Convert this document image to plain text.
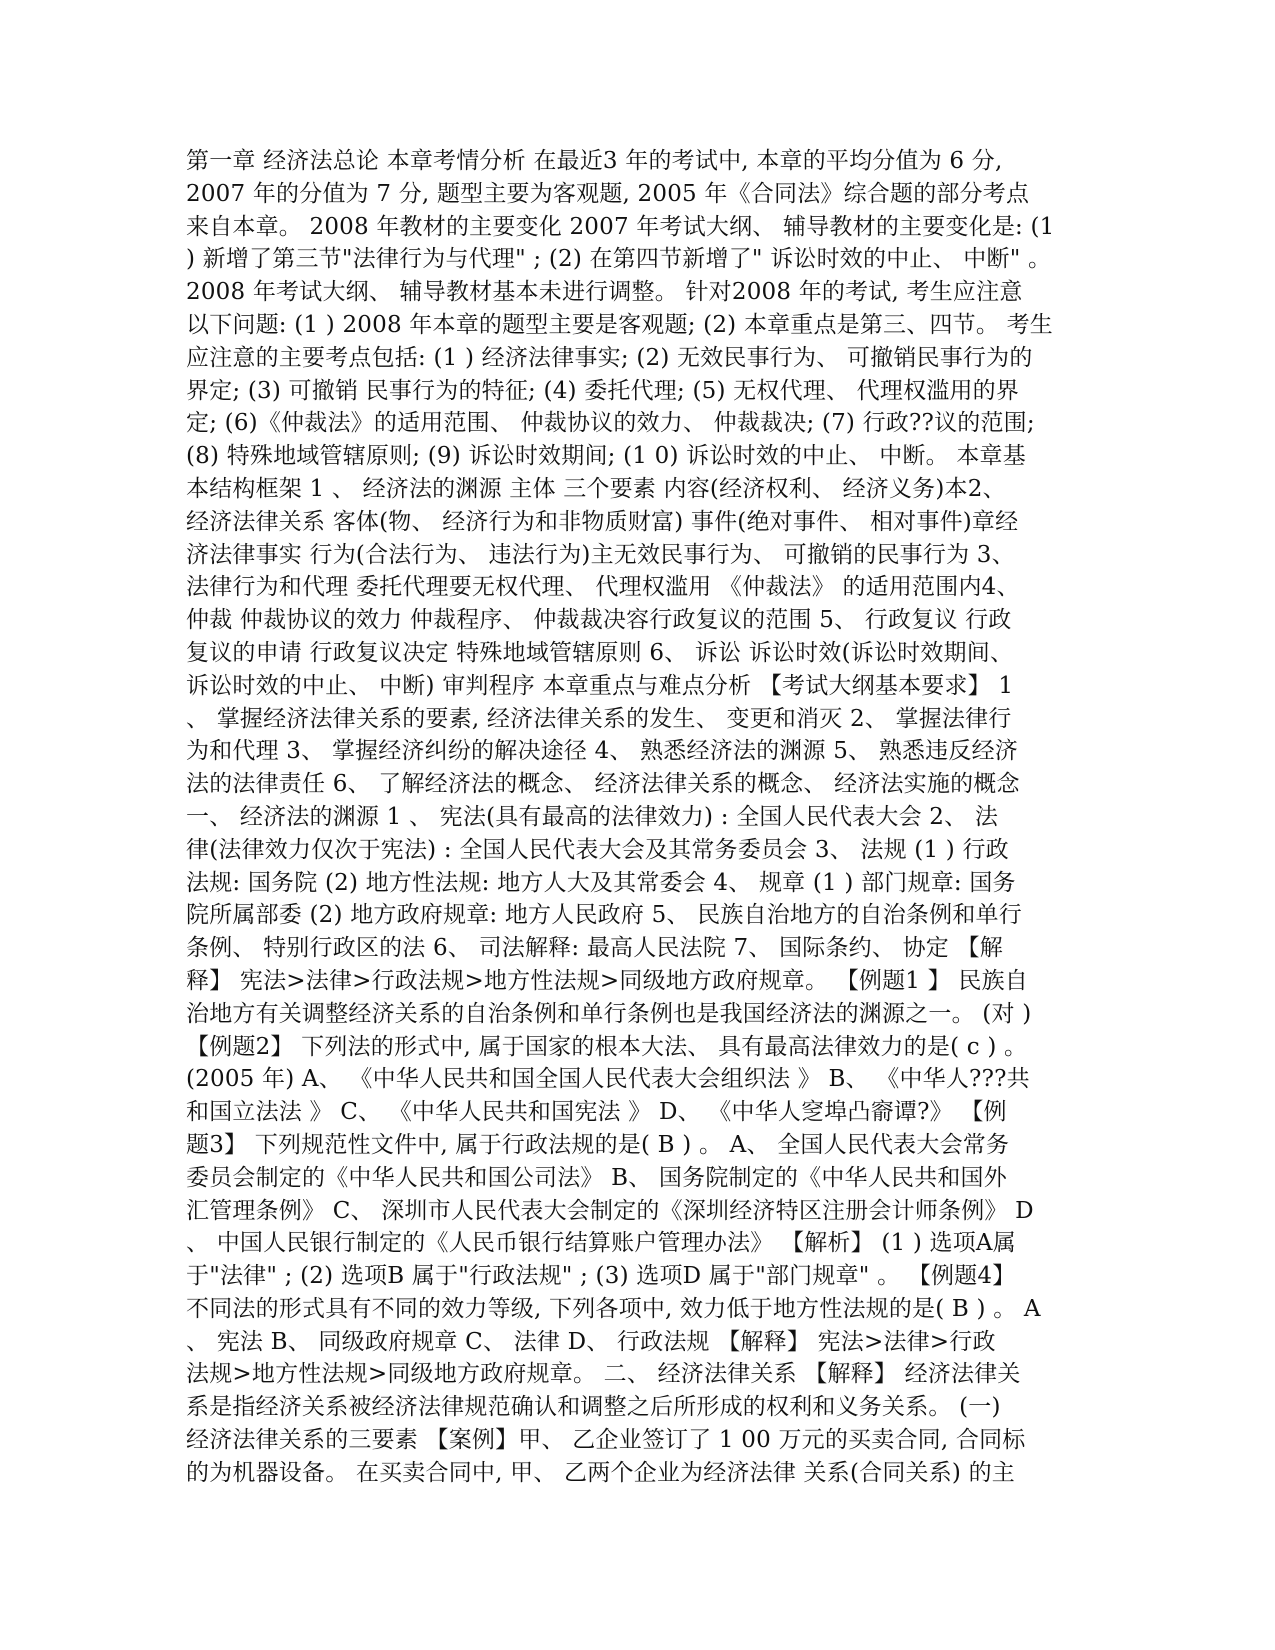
第一章 经济法总论 本章考情分析 在最近3 年的考试中, 本章的平均分值为 6 分,
2007 年的分值为 7 分, 题型主要为客观题, 2005 年《合同法》综合题的部分考点
来自本章。 2008 年教材的主要变化 2007 年考试大纲、 辅导教材的主要变化是: (1
) 新增了第三节"法律行为与代理" ; (2) 在第四节新增了" 诉讼时效的中止、 中断" 。
2008 年考试大纲、 辅导教材基本未进行调整。 针对2008 年的考试, 考生应注意
以下问题: (1 ) 2008 年本章的题型主要是客观题; (2) 本章重点是第三、四节。 考生
应注意的主要考点包括: (1 ) 经济法律事实; (2) 无效民事行为、 可撤销民事行为的
界定; (3) 可撤销 民事行为的特征; (4) 委托代理; (5) 无权代理、 代理权滥用的界
定; (6)《仲裁法》的适用范围、 仲裁协议的效力、 仲裁裁决; (7) 行政??议的范围;
(8) 特殊地域管辖原则; (9) 诉讼时效期间; (1 0) 诉讼时效的中止、 中断。 本章基
本结构框架 1 、 经济法的渊源 主体 三个要素 内容(经济权利、 经济义务)本2、
经济法律关系 客体(物、 经济行为和非物质财富) 事件(绝对事件、 相对事件)章经
济法律事实 行为(合法行为、 违法行为)主无效民事行为、 可撤销的民事行为 3、
法律行为和代理 委托代理要无权代理、 代理权滥用 《仲裁法》 的适用范围内4、
仲裁 仲裁协议的效力 仲裁程序、 仲裁裁决容行政复议的范围 5、 行政复议 行政
复议的申请 行政复议决定 特殊地域管辖原则 6、 诉讼 诉讼时效(诉讼时效期间、
诉讼时效的中止、 中断) 审判程序 本章重点与难点分析 【考试大纲基本要求】 1
、 掌握经济法律关系的要素, 经济法律关系的发生、 变更和消灭 2、 掌握法律行
为和代理 3、 掌握经济纠纷的解决途径 4、 熟悉经济法的渊源 5、 熟悉违反经济
法的法律责任 6、 了解经济法的概念、 经济法律关系的概念、 经济法实施的概念
一、 经济法的渊源 1 、 宪法(具有最高的法律效力) : 全国人民代表大会 2、 法
律(法律效力仅次于宪法) : 全国人民代表大会及其常务委员会 3、 法规 (1 ) 行政
法规: 国务院 (2) 地方性法规: 地方人大及其常委会 4、 规章 (1 ) 部门规章: 国务
院所属部委 (2) 地方政府规章: 地方人民政府 5、 民族自治地方的自治条例和单行
条例、 特别行政区的法 6、 司法解释: 最高人民法院 7、 国际条约、 协定 【解
释】 宪法>法律>行政法规>地方性法规>同级地方政府规章。 【例题1 】 民族自
治地方有关调整经济关系的自治条例和单行条例也是我国经济法的渊源之一。 (对 )
【例题2】 下列法的形式中, 属于国家的根本大法、 具有最高法律效力的是( c ) 。
(2005 年) A、 《中华人民共和国全国人民代表大会组织法 》 B、 《中华人???共
和国立法法 》 C、 《中华人民共和国宪法 》 D、 《中华人窆埠凸窬谭?》 【例
题3】 下列规范性文件中, 属于行政法规的是( B ) 。 A、 全国人民代表大会常务
委员会制定的《中华人民共和国公司法》 B、 国务院制定的《中华人民共和国外
汇管理条例》 C、 深圳市人民代表大会制定的《深圳经济特区注册会计师条例》 D
、 中国人民银行制定的《人民币银行结算账户管理办法》 【解析】 (1 ) 选项A属
于"法律" ; (2) 选项B 属于"行政法规" ; (3) 选项D 属于"部门规章" 。 【例题4】
不同法的形式具有不同的效力等级, 下列各项中, 效力低于地方性法规的是( B ) 。 A
、 宪法 B、 同级政府规章 C、 法律 D、 行政法规 【解释】 宪法>法律>行政
法规>地方性法规>同级地方政府规章。 二、 经济法律关系 【解释】 经济法律关
系是指经济关系被经济法律规范确认和调整之后所形成的权利和义务关系。 (一)
经济法律关系的三要素 【案例】甲、 乙企业签订了 1 00 万元的买卖合同, 合同标
的为机器设备。 在买卖合同中, 甲、 乙两个企业为经济法律 关系(合同关系) 的主
